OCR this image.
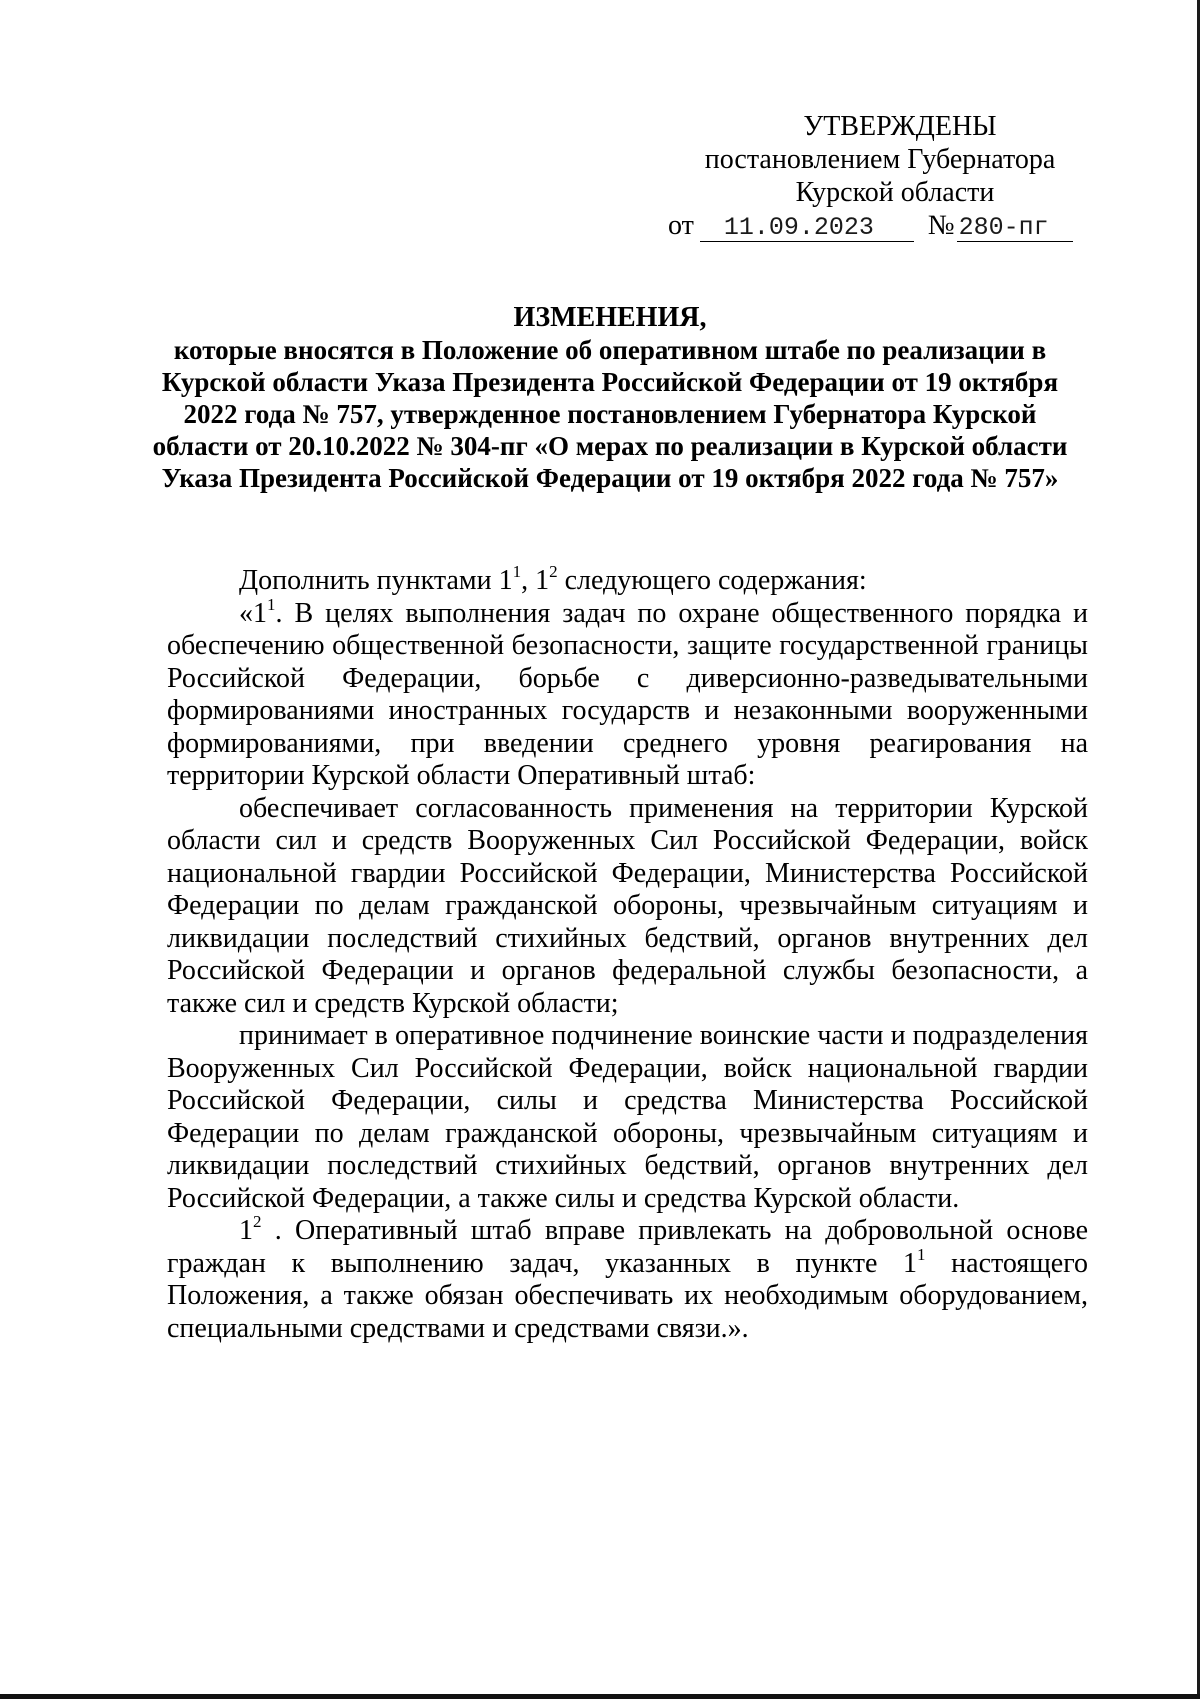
УТВЕРЖДЕНЫ
постановлением Губернатора
Курской области
от	11.09.2023	№ 280-пг
ИЗМЕНЕНИЯ,
которые вносятся в Положение об оперативном штабе по реализации в Курской области Указа Президента Российской Федерации от 19 октября 2022 года № 757, утвержденное постановлением Губернатора Курской области от 20.10.2022 № 304-пг «О мерах по реализации в Курской области Указа Президента Российской Федерации от 19 октября 2022 года № 757»

Дополнить пунктами $1^1$, $1^2$ следующего содержания:

«$1^1$. В целях выполнения задач по охране общественного порядка и обеспечению общественной безопасности, защите государственной границы Российской Федерации, борьбе с диверсионно-разведывательными формированиями иностранных государств и незаконными вооруженными формированиями, при введении среднего уровня реагирования на территории Курской области Оперативный штаб:

обеспечивает согласованность применения на территории Курской области сил и средств Вооруженных Сил Российской Федерации, войск национальной гвардии Российской Федерации, Министерства Российской Федерации по делам гражданской обороны, чрезвычайным ситуациям и ликвидации последствий стихийных бедствий, органов внутренних дел Российской Федерации и органов федеральной службы безопасности, а также сил и средств Курской области;

принимает в оперативное подчинение воинские части и подразделения Вооруженных Сил Российской Федерации, войск национальной гвардии Российской Федерации, силы и средства Министерства Российской Федерации по делам гражданской обороны, чрезвычайным ситуациям и ликвидации последствий стихийных бедствий, органов внутренних дел Российской Федерации, а также силы и средства Курской области.

$1^2$ . Оперативный штаб вправе привлекать на добровольной основе граждан к выполнению задач, указанных в пункте $1^1$ настоящего Положения, а также обязан обеспечивать их необходимым оборудованием, специальными средствами и средствами связи.».
